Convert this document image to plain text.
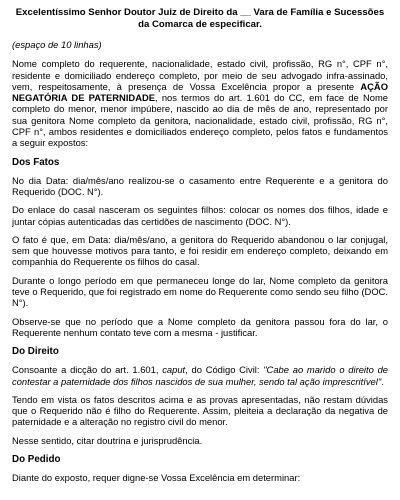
Excelentíssimo Senhor Doutor Juiz de Direito da __ Vara de Família e Sucessões da Comarca de especificar.
(espaço de 10 linhas)

Nome completo do requerente, nacionalidade, estado civil, profissão, RG n°, CPF n°, residente e domiciliado endereço completo, por meio de seu advogado infra-assinado, vem, respeitosamente, à presença de Vossa Excelência propor a presente AÇÃO NEGATÓRIA DE PATERNIDADE, nos termos do art. 1.601 do CC, em face de Nome completo do menor, menor impúbere, nascido ao dia de mês de ano, representado por sua genitora Nome completo da genitora, nacionalidade, estado civil, profissão, RG n°, CPF n°, ambos residentes e domiciliados endereço completo, pelos fatos e fundamentos a seguir expostos:

Dos Fatos

No dia Data: dia/mês/ano realizou-se o casamento entre Requerente e a genitora do Requerido (DOC. N°).

Do enlace do casal nasceram os seguintes filhos: colocar os nomes dos filhos, idade e juntar cópias autenticadas das certidões de nascimento (DOC. N°).

O fato é que, em Data: dia/mês/ano, a genitora do Requerido abandonou o lar conjugal, sem que houvesse motivos para tanto, e foi residir em endereço completo, deixando em companhia do Requerente os filhos do casal.

Durante o longo período em que permaneceu longe do lar, Nome completo da genitora teve o Requerido, que foi registrado em nome do Requerente como sendo seu filho (DOC. N°).

Observe-se que no período que a Nome completo da genitora passou fora do lar, o Requerente nenhum contato teve com a mesma - justificar.

Do Direito

Consoante a dicção do art. 1.601, caput, do Código Civil: "Cabe ao marido o direito de contestar a paternidade dos filhos nascidos de sua mulher, sendo tal ação imprescritível".

Tendo em vista os fatos descritos acima e as provas apresentadas, não restam dúvidas que o Requerido não é filho do Requerente. Assim, pleiteia a declaração da negativa de paternidade e a alteração no registro civil do menor.

Nesse sentido, citar doutrina e jurisprudência.

Do Pedido

Diante do exposto, requer digne-se Vossa Excelência em determinar:
